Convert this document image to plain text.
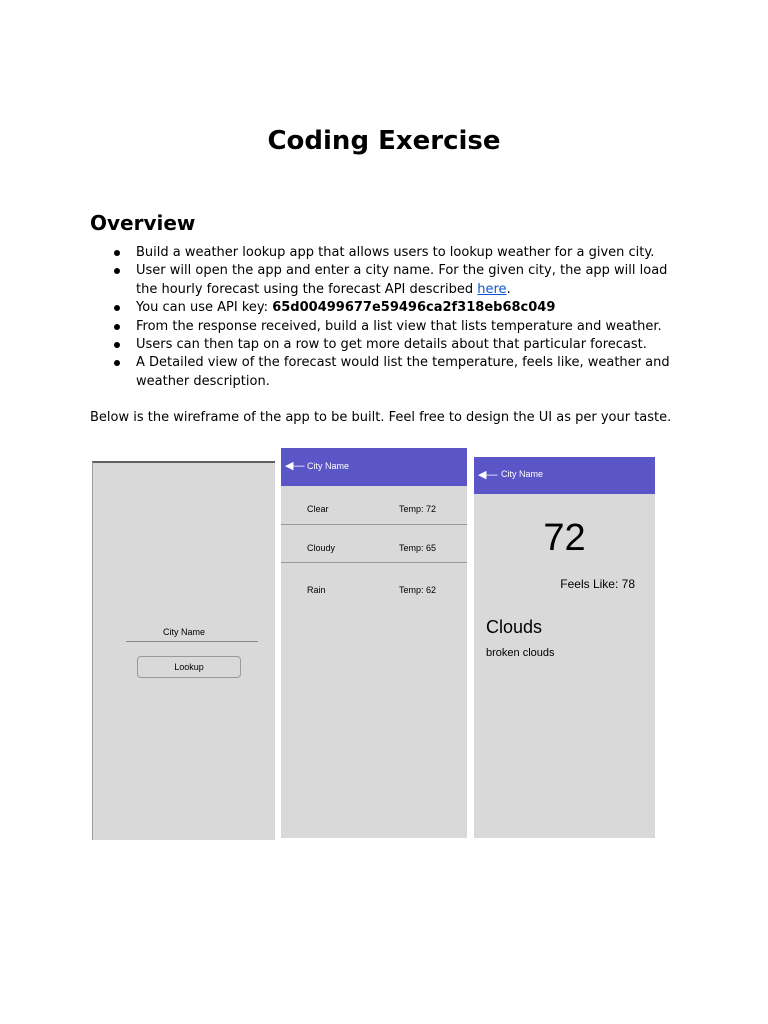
Coding Exercise
Overview
Build a weather lookup app that allows users to lookup weather for a given city.
User will open the app and enter a city name. For the given city, the app will load the hourly forecast using the forecast API described here.
You can use API key: 65d00499677e59496ca2f318eb68c049
From the response received, build a list view that lists temperature and weather.
Users can then tap on a row to get more details about that particular forecast.
A Detailed view of the forecast would list the temperature, feels like, weather and weather description.

Below is the wireframe of the app to be built. Feel free to design the UI as per your taste.

City Name
Lookup
◀— City Name
Clear	Temp: 72
Cloudy	Temp: 65
Rain	Temp: 62
◀— City Name
72
Feels Like: 78
Clouds
broken clouds
